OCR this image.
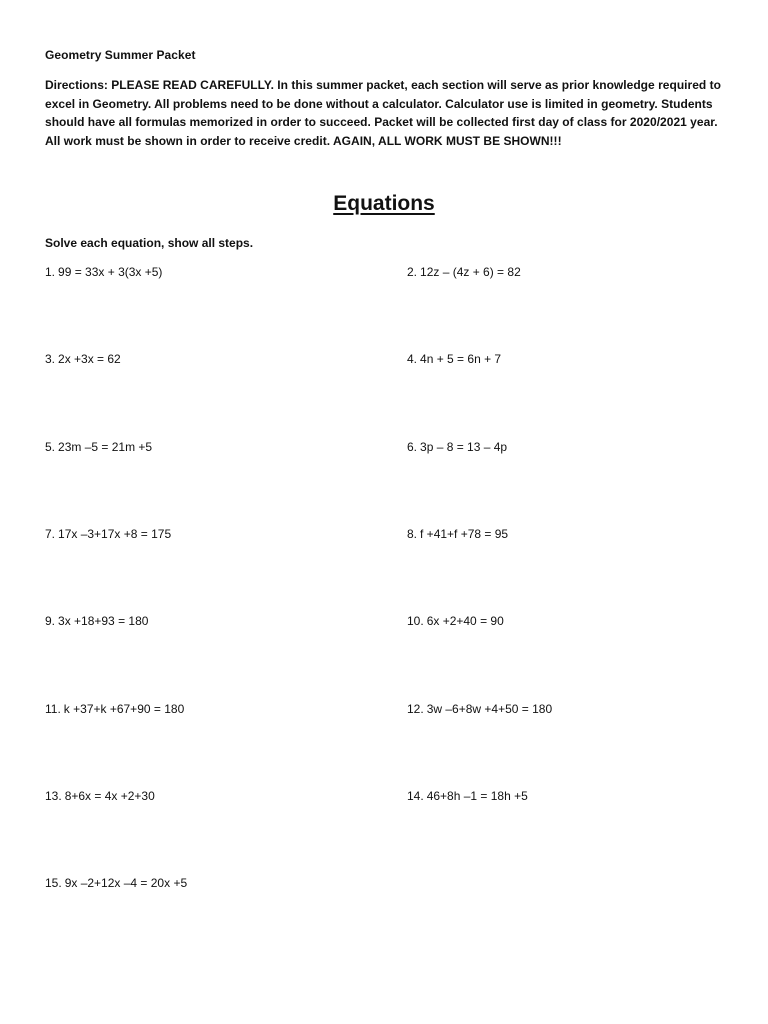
Geometry Summer Packet
Directions: PLEASE READ CAREFULLY. In this summer packet, each section will serve as prior knowledge required to excel in Geometry. All problems need to be done without a calculator. Calculator use is limited in geometry. Students should have all formulas memorized in order to succeed. Packet will be collected first day of class for 2020/2021 year. All work must be shown in order to receive credit. AGAIN, ALL WORK MUST BE SHOWN!!!
Equations
Solve each equation, show all steps.
1. 99 = 33x + 3(3x +5)	2. 12z – (4z + 6) = 82
3. 2x +3x = 62	4. 4n + 5 = 6n + 7
5. 23m –5 = 21m +5	6. 3p – 8 = 13 – 4p
7. 17x –3+17x +8 = 175	8. f +41+f +78 = 95
9. 3x +18+93 = 180	10. 6x +2+40 = 90
11. k +37+k +67+90 = 180	12. 3w –6+8w +4+50 = 180
13. 8+6x = 4x +2+30	14. 46+8h –1 = 18h +5
15. 9x –2+12x –4 = 20x +5
